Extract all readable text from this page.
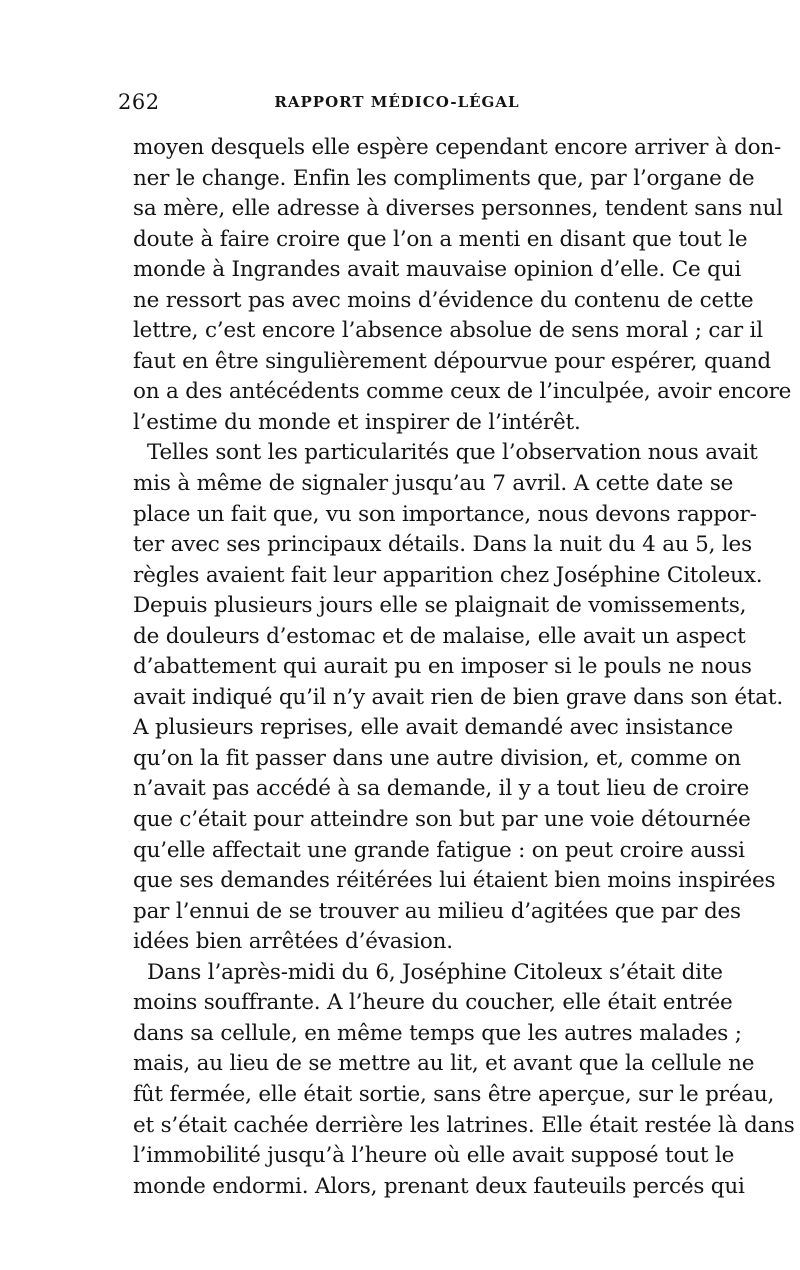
262	RAPPORT MÉDICO-LÉGAL
moyen desquels elle espère cependant encore arriver à don-
ner le change. Enfin les compliments que, par l’organe de
sa mère, elle adresse à diverses personnes, tendent sans nul
doute à faire croire que l’on a menti en disant que tout le
monde à Ingrandes avait mauvaise opinion d’elle. Ce qui
ne ressort pas avec moins d’évidence du contenu de cette
lettre, c’est encore l’absence absolue de sens moral ; car il
faut en être singulièrement dépourvue pour espérer, quand
on a des antécédents comme ceux de l’inculpée, avoir encore
l’estime du monde et inspirer de l’intérêt.
Telles sont les particularités que l’observation nous avait
mis à même de signaler jusqu’au 7 avril. A cette date se
place un fait que, vu son importance, nous devons rappor-
ter avec ses principaux détails. Dans la nuit du 4 au 5, les
règles avaient fait leur apparition chez Joséphine Citoleux.
Depuis plusieurs jours elle se plaignait de vomissements,
de douleurs d’estomac et de malaise, elle avait un aspect
d’abattement qui aurait pu en imposer si le pouls ne nous
avait indiqué qu’il n’y avait rien de bien grave dans son état.
A plusieurs reprises, elle avait demandé avec insistance
qu’on la fit passer dans une autre division, et, comme on
n’avait pas accédé à sa demande, il y a tout lieu de croire
que c’était pour atteindre son but par une voie détournée
qu’elle affectait une grande fatigue : on peut croire aussi
que ses demandes réitérées lui étaient bien moins inspirées
par l’ennui de se trouver au milieu d’agitées que par des
idées bien arrêtées d’évasion.
Dans l’après-midi du 6, Joséphine Citoleux s’était dite
moins souffrante. A l’heure du coucher, elle était entrée
dans sa cellule, en même temps que les autres malades ;
mais, au lieu de se mettre au lit, et avant que la cellule ne
fût fermée, elle était sortie, sans être aperçue, sur le préau,
et s’était cachée derrière les latrines. Elle était restée là dans
l’immobilité jusqu’à l’heure où elle avait supposé tout le
monde endormi. Alors, prenant deux fauteuils percés qui
